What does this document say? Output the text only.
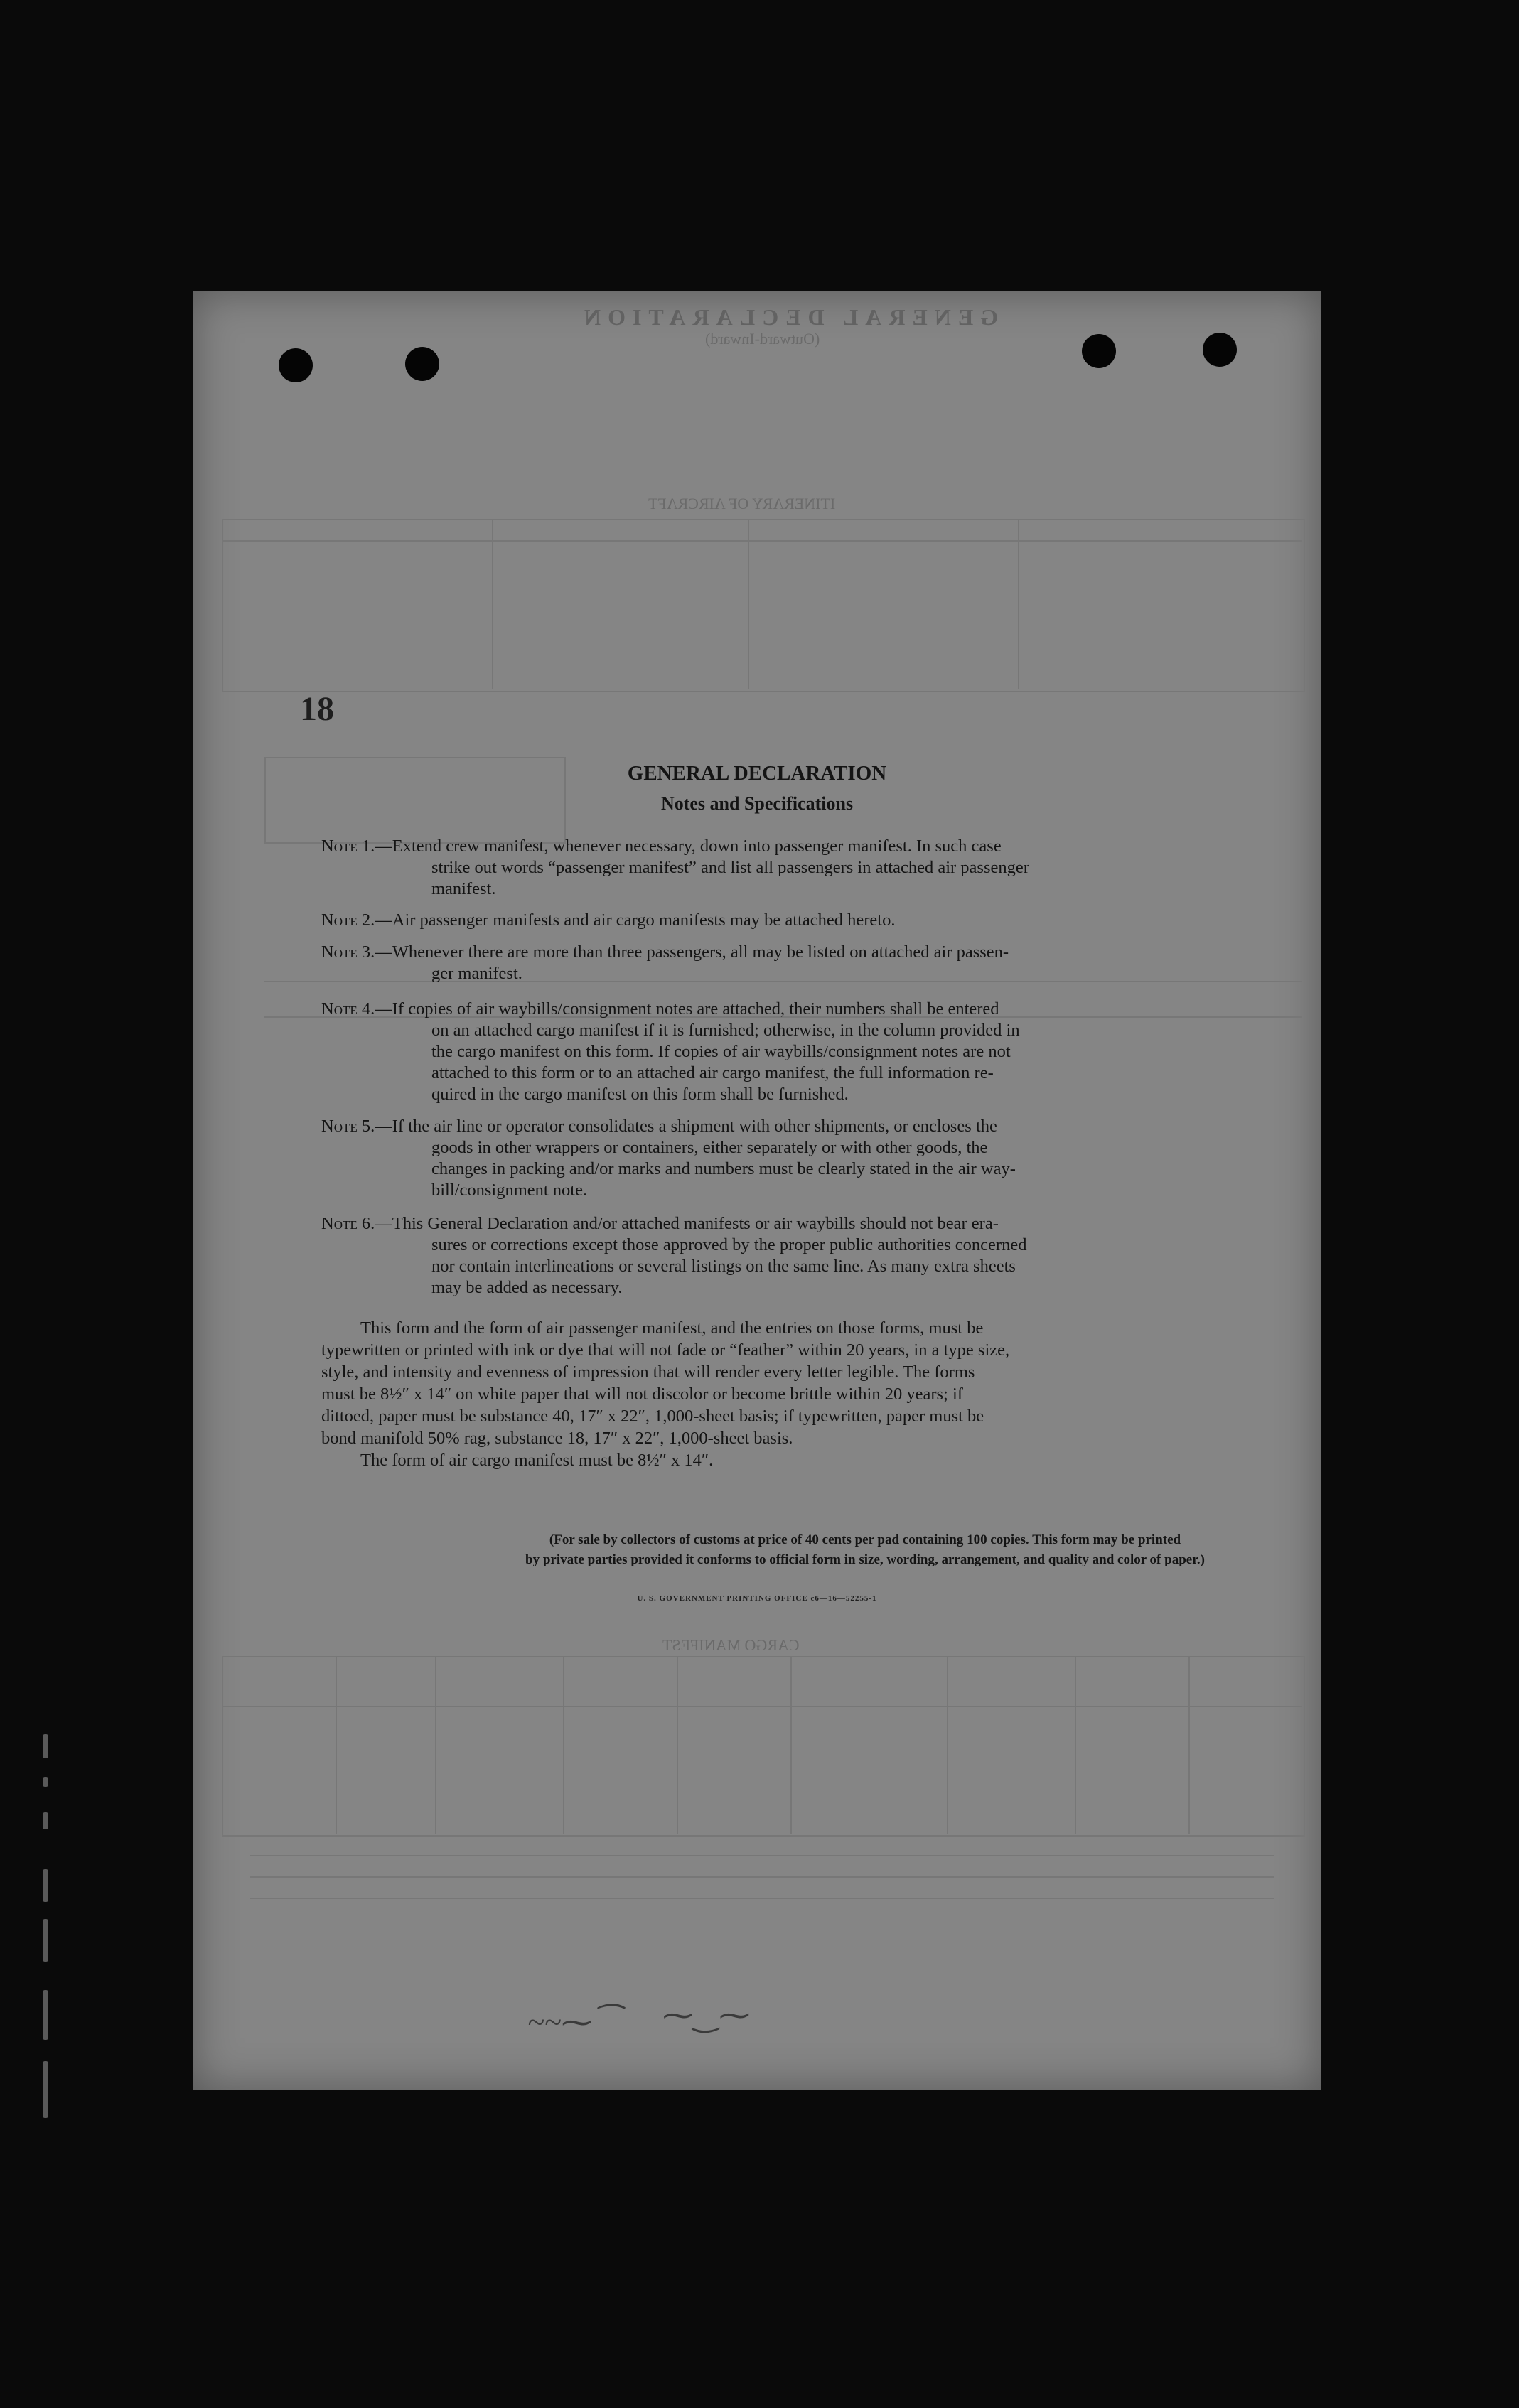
GENERAL DECLARATION
(Outward-Inward)
ITINERARY OF AIRCRAFT
18
CARGO MANIFEST
~~⁓⁀ ⁓‿⁓
GENERAL DECLARATION
Notes and Specifications
Note 1.—Extend crew manifest, whenever necessary, down into passenger manifest. In such case
strike out words “passenger manifest” and list all passengers in attached air passenger
manifest.
Note 2.—Air passenger manifests and air cargo manifests may be attached hereto.
Note 3.—Whenever there are more than three passengers, all may be listed on attached air passen-
ger manifest.
Note 4.—If copies of air waybills/consignment notes are attached, their numbers shall be entered
on an attached cargo manifest if it is furnished; otherwise, in the column provided in
the cargo manifest on this form. If copies of air waybills/consignment notes are not
attached to this form or to an attached air cargo manifest, the full information re-
quired in the cargo manifest on this form shall be furnished.
Note 5.—If the air line or operator consolidates a shipment with other shipments, or encloses the
goods in other wrappers or containers, either separately or with other goods, the
changes in packing and/or marks and numbers must be clearly stated in the air way-
bill/consignment note.
Note 6.—This General Declaration and/or attached manifests or air waybills should not bear era-
sures or corrections except those approved by the proper public authorities concerned
nor contain interlineations or several listings on the same line. As many extra sheets
may be added as necessary.
This form and the form of air passenger manifest, and the entries on those forms, must be
typewritten or printed with ink or dye that will not fade or “feather” within 20 years, in a type size,
style, and intensity and evenness of impression that will render every letter legible. The forms
must be 8½″ x 14″ on white paper that will not discolor or become brittle within 20 years; if
dittoed, paper must be substance 40, 17″ x 22″, 1,000-sheet basis; if typewritten, paper must be
bond manifold 50% rag, substance 18, 17″ x 22″, 1,000-sheet basis.
The form of air cargo manifest must be 8½″ x 14″.
(For sale by collectors of customs at price of 40 cents per pad containing 100 copies. This form may be printed
by private parties provided it conforms to official form in size, wording, arrangement, and quality and color of paper.)
U. S. GOVERNMENT PRINTING OFFICE c6—16—52255-1
